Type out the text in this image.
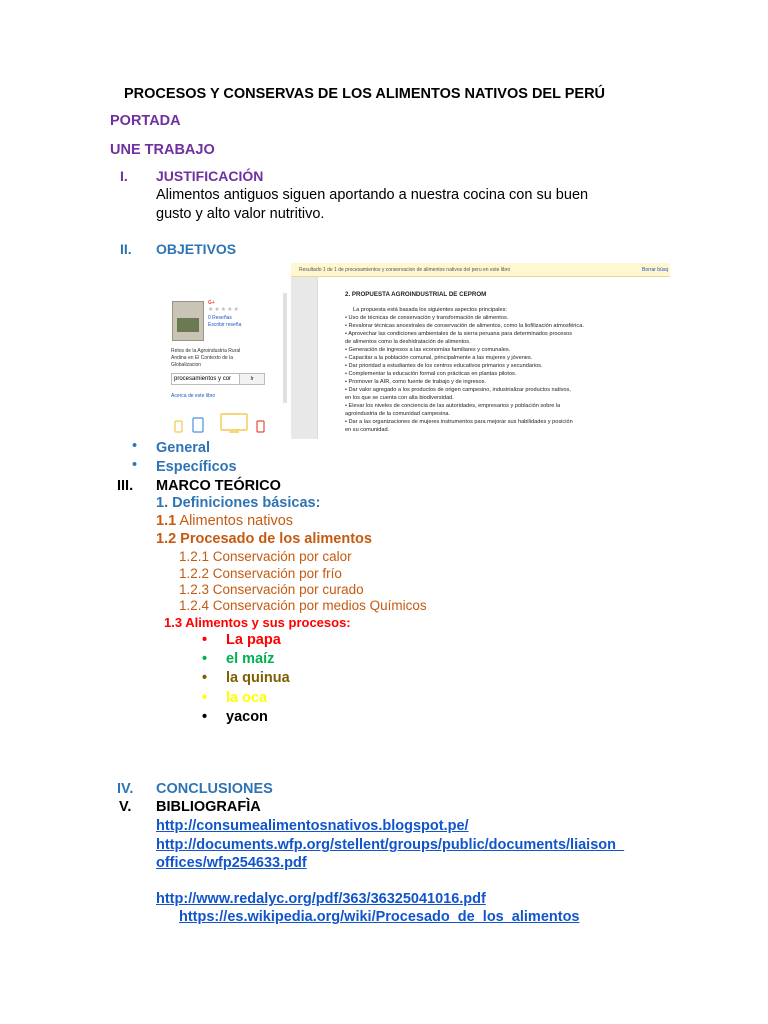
PROCESOS Y CONSERVAS DE LOS ALIMENTOS NATIVOS DEL PERÚ
PORTADA
UNE TRABAJO
I. JUSTIFICACIÓN
Alimentos antiguos siguen aportando a nuestra cocina con su buen
gusto y alto valor nutritivo.
II. OBJETIVOS
G+
★★★★★
0 Reseñas
Escribir reseña
Retos de la Agroindustria Rural
Andina en El Contexto de la
Globalizacion
procesamientos y cor	Ir
Acerca de este libro
Resultado 1 de 1 de procesamientos y conservacion de alimentos nativos del peru en este libro	Borrar búsq
2. PROPUESTA AGROINDUSTRIAL DE CEPROM
La propuesta está basada los siguientes aspectos principales:
• Uso de técnicas de conservación y transformación de alimentos.
• Revalorar técnicas ancestrales de conservación de alimentos, como la liofilización atmosférica.
• Aprovechar las condiciones ambientales de la sierra peruana para determinados procesos
de alimentos como la deshidratación de alimentos.
• Generación de ingresos a las economías familiares y comunales.
• Capacitar a la población comunal, principalmente a las mujeres y jóvenes.
• Dar prioridad a estudiantes de los centros educativos primarios y secundarios.
• Complementar la educación formal con prácticas en plantas pilotos.
• Promover la AIR, como fuente de trabajo y de ingresos.
• Dar valor agregado a los productos de origen campesino, industrializar productos nativos,
en los que se cuenta con alta biodiversidad.
• Elevar los niveles de conciencia de las autoridades, empresarios y población sobre la
agroindustria de la comunidad campesina.
• Dar a las organizaciones de mujeres instrumentos para mejorar sus habilidades y posición
en su comunidad.
• General
• Específicos
III. MARCO TEÓRICO
1. Definiciones básicas:
1.1 Alimentos nativos
1.2 Procesado de los alimentos
1.2.1 Conservación por calor
1.2.2 Conservación por frío
1.2.3 Conservación por curado
1.2.4 Conservación por medios Químicos
1.3 Alimentos y sus procesos:
• La papa
• el maíz
• la quinua
• la oca
• yacon
IV. CONCLUSIONES
V. BIBLIOGRAFÌA
http://consumealimentosnativos.blogspot.pe/
http://documents.wfp.org/stellent/groups/public/documents/liaison_
offices/wfp254633.pdf
http://www.redalyc.org/pdf/363/36325041016.pdf
https://es.wikipedia.org/wiki/Procesado_de_los_alimentos
